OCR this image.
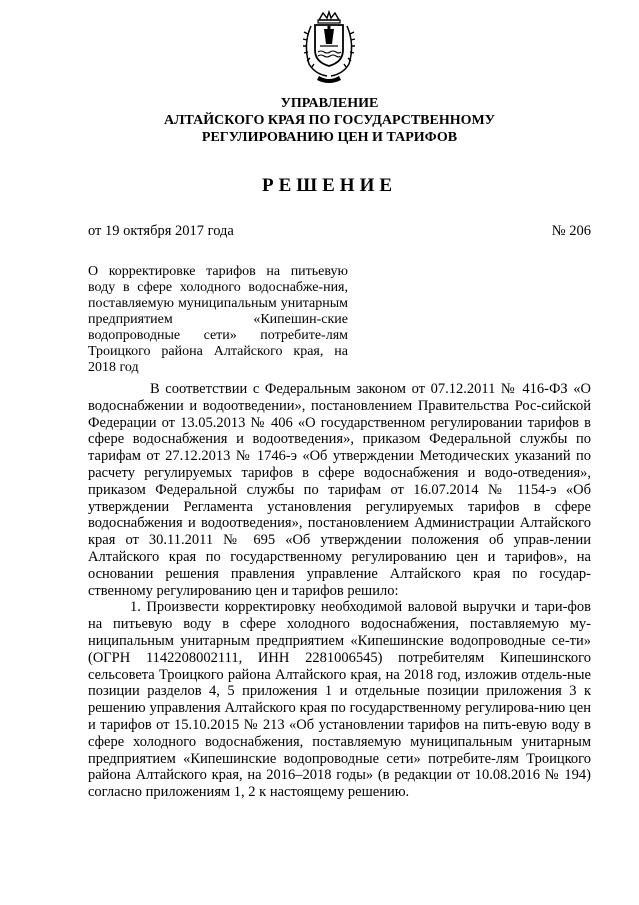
УПРАВЛЕНИЕ
АЛТАЙСКОГО КРАЯ ПО ГОСУДАРСТВЕННОМУ
РЕГУЛИРОВАНИЮ ЦЕН И ТАРИФОВ
РЕШЕНИЕ
от 19 октября 2017 года	№ 206
О корректировке тарифов на питьевую воду в сфере холодного водоснабже-ния, поставляемую муниципальным унитарным предприятием «Кипешин-ские водопроводные сети» потребите-лям Троицкого района Алтайского края, на 2018 год

В соответствии с Федеральным законом от 07.12.2011 № 416-ФЗ «О водоснабжении и водоотведении», постановлением Правительства Рос-сийской Федерации от 13.05.2013 № 406 «О государственном регулировании тарифов в сфере водоснабжения и водоотведения», приказом Федеральной службы по тарифам от 27.12.2013 № 1746-э «Об утверждении Методических указаний по расчету регулируемых тарифов в сфере водоснабжения и водо-отведения», приказом Федеральной службы по тарифам от 16.07.2014 № 1154-э «Об утверждении Регламента установления регулируемых тарифов в сфере водоснабжения и водоотведения», постановлением Администрации Алтайского края от 30.11.2011 № 695 «Об утверждении положения об управ-лении Алтайского края по государственному регулированию цен и тарифов», на основании решения правления управление Алтайского края по государ-ственному регулированию цен и тарифов решило:

1. Произвести корректировку необходимой валовой выручки и тари-фов на питьевую воду в сфере холодного водоснабжения, поставляемую му-ниципальным унитарным предприятием «Кипешинские водопроводные се-ти» (ОГРН 1142208002111, ИНН 2281006545) потребителям Кипешинского сельсовета Троицкого района Алтайского края, на 2018 год, изложив отдель-ные позиции разделов 4, 5 приложения 1 и отдельные позиции приложения 3 к решению управления Алтайского края по государственному регулирова-нию цен и тарифов от 15.10.2015 № 213 «Об установлении тарифов на пить-евую воду в сфере холодного водоснабжения, поставляемую муниципальным унитарным предприятием «Кипешинские водопроводные сети» потребите-лям Троицкого района Алтайского края, на 2016–2018 годы» (в редакции от 10.08.2016 № 194) согласно приложениям 1, 2 к настоящему решению.
